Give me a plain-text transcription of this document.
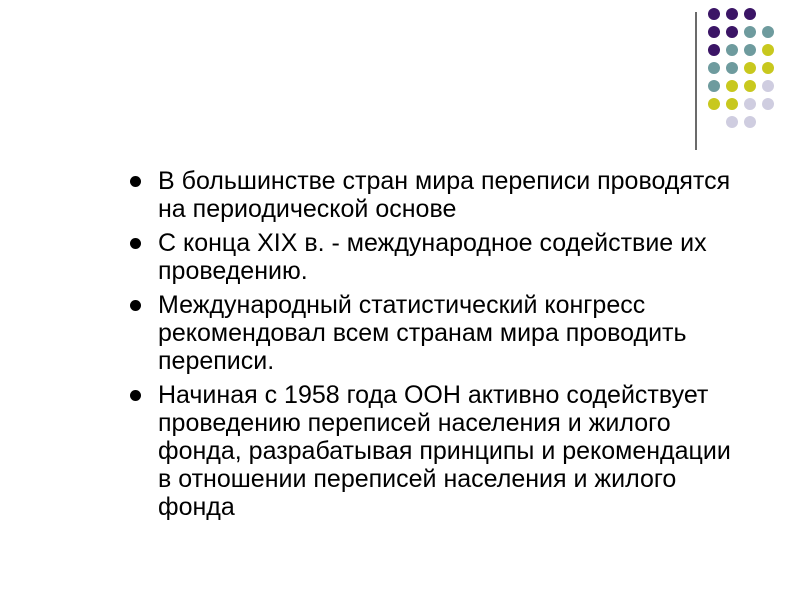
В большинстве стран мира переписи проводятся на периодической основе
С конца XIX в. - международное содействие их проведению.
Международный статистический конгресс рекомендовал всем странам мира проводить переписи.
Начиная с 1958 года ООН активно содействует проведению переписей населения и жилого фонда, разрабатывая принципы и рекомендации в отношении переписей населения и жилого фонда
